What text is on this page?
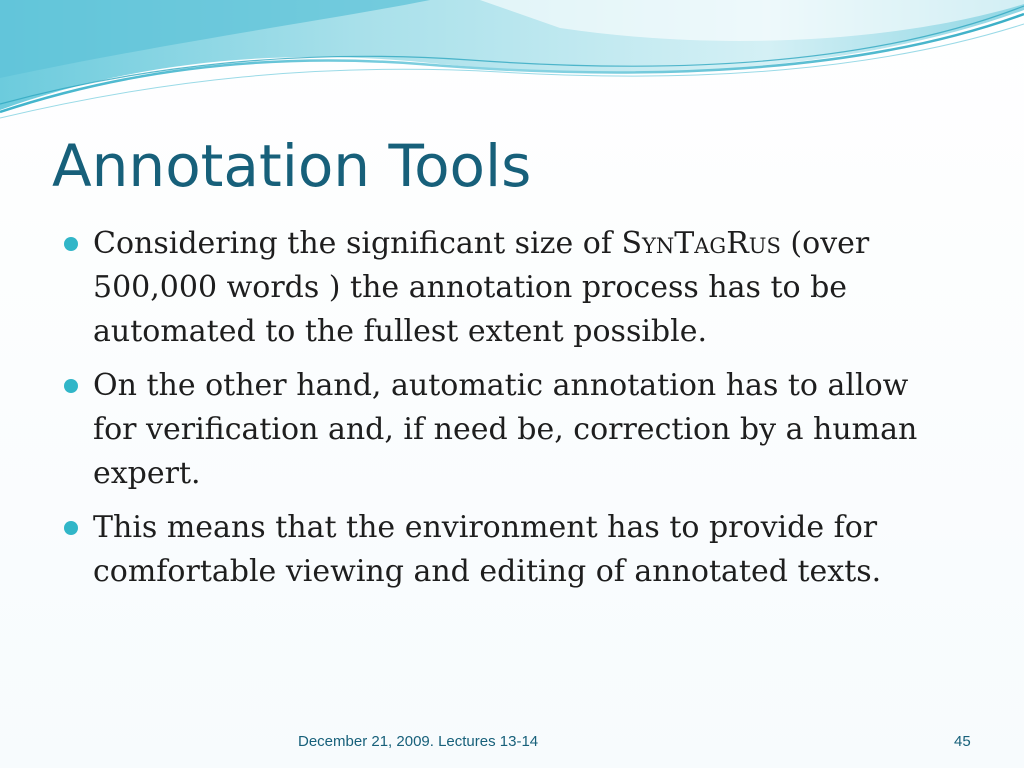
Annotation Tools
Considering the significant size of SynTagRus (over 500,000 words ) the annotation process has to be automated to the fullest extent possible.
On the other hand, automatic annotation has to allow for verification and, if need be, correction by a human expert.
This means that the environment has to provide for comfortable viewing and editing of annotated texts.
December 21, 2009. Lectures 13-14	45
